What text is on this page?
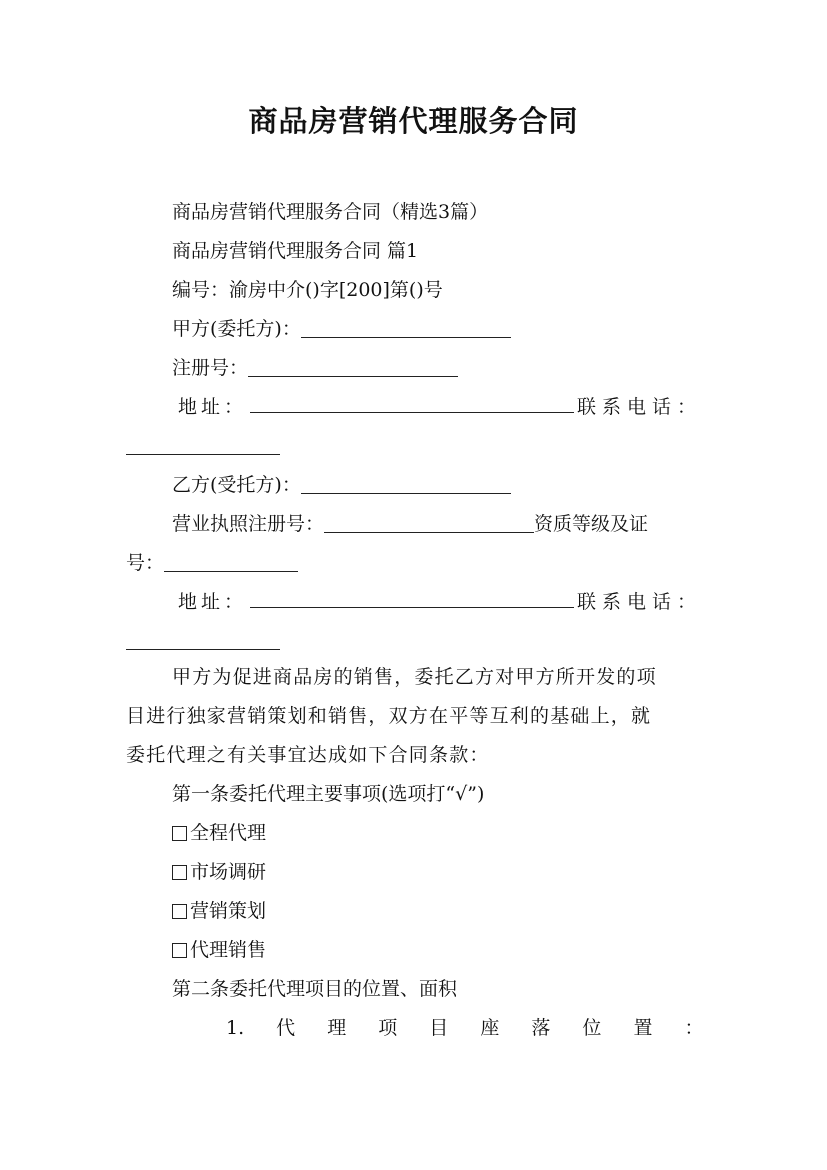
商品房营销代理服务合同
商品房营销代理服务合同（精选3篇）
商品房营销代理服务合同 篇1
编号：渝房中介()字[200]第()号
甲方(委托方)：
注册号：
地址：	联系电话：
乙方(受托方)：
营业执照注册号：	资质等级及证
号：
地址：	联系电话：
甲方为促进商品房的销售，委托乙方对甲方所开发的项
目进行独家营销策划和销售，双方在平等互利的基础上，就
委托代理之有关事宜达成如下合同条款：
第一条委托代理主要事项(选项打“√”)
全程代理
市场调研
营销策划
代理销售
第二条委托代理项目的位置、面积
1. 代 理 项 目 座 落 位 置 ：
